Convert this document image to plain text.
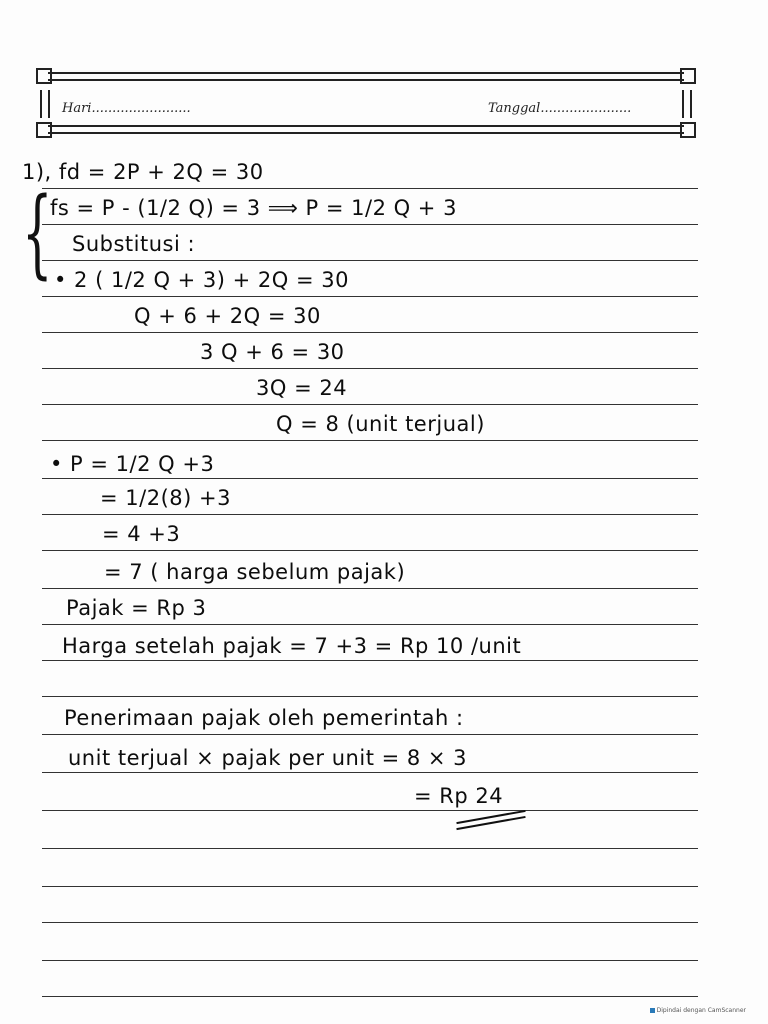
Hari........................	Tanggal......................
{
1), fd = 2P + 2Q = 30
fs = P - (1/2 Q) = 3 ⟹ P = 1/2 Q + 3
Substitusi :
• 2 ( 1/2 Q + 3) + 2Q = 30
Q + 6 + 2Q = 30
3 Q + 6 = 30
3Q = 24
Q = 8 (unit terjual)
• P = 1/2 Q +3
= 1/2(8) +3
= 4 +3
= 7 ( harga sebelum pajak)
Pajak = Rp 3
Harga setelah pajak = 7 +3 = Rp 10 /unit
Penerimaan pajak oleh pemerintah :
unit terjual × pajak per unit = 8 × 3
= Rp 24
Dipindai dengan CamScanner
